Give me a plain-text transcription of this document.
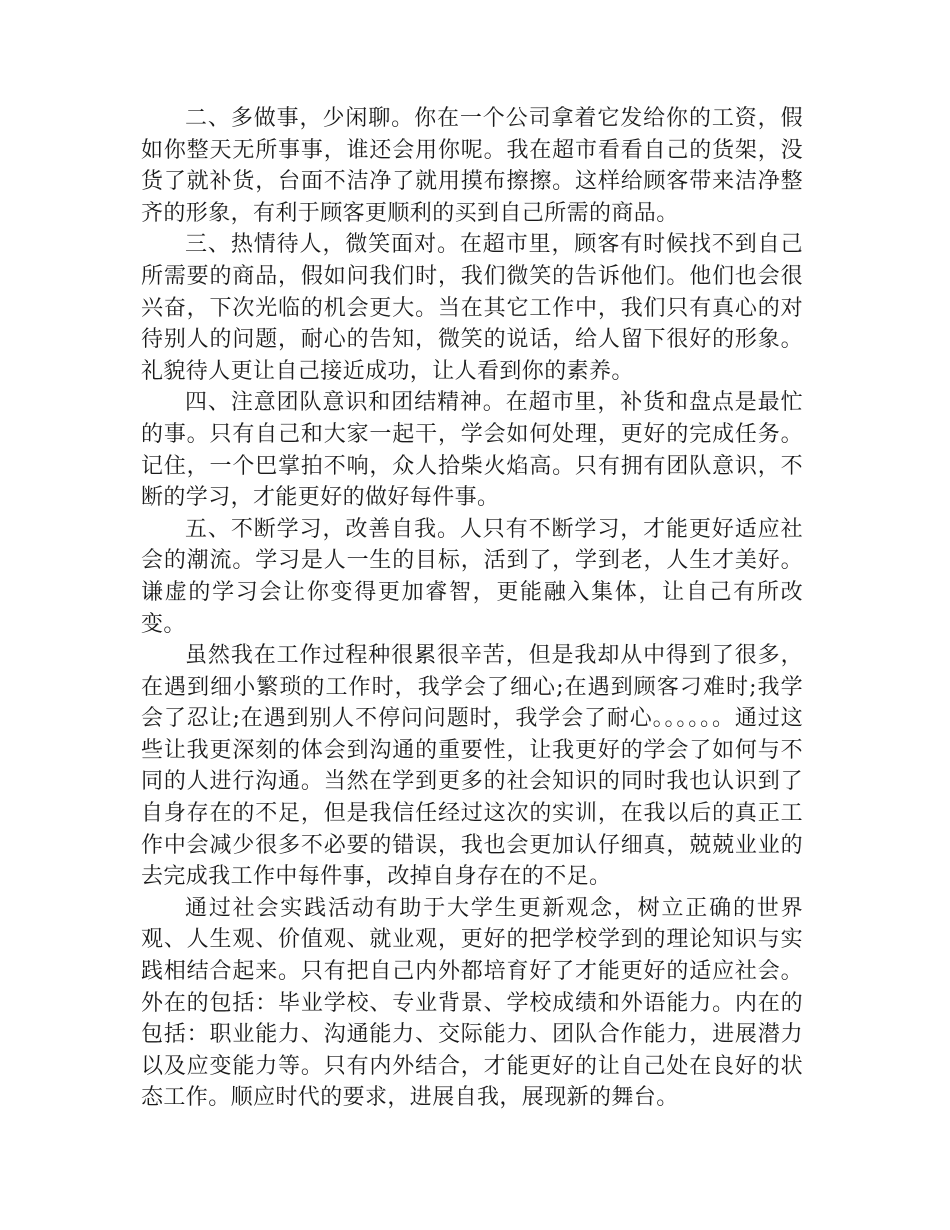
二、多做事，少闲聊。你在一个公司拿着它发给你的工资，假如你整天无所事事，谁还会用你呢。我在超市看看自己的货架，没货了就补货，台面不洁净了就用摸布擦擦。这样给顾客带来洁净整齐的形象，有利于顾客更顺利的买到自己所需的商品。

三、热情待人，微笑面对。在超市里，顾客有时候找不到自己所需要的商品，假如问我们时，我们微笑的告诉他们。他们也会很兴奋，下次光临的机会更大。当在其它工作中，我们只有真心的对待别人的问题，耐心的告知，微笑的说话，给人留下很好的形象。礼貌待人更让自己接近成功，让人看到你的素养。

四、注意团队意识和团结精神。在超市里，补货和盘点是最忙的事。只有自己和大家一起干，学会如何处理，更好的完成任务。记住，一个巴掌拍不响，众人拾柴火焰高。只有拥有团队意识，不断的学习，才能更好的做好每件事。

五、不断学习，改善自我。人只有不断学习，才能更好适应社会的潮流。学习是人一生的目标，活到了，学到老，人生才美好。谦虚的学习会让你变得更加睿智，更能融入集体，让自己有所改变。

虽然我在工作过程种很累很辛苦，但是我却从中得到了很多，在遇到细小繁琐的工作时，我学会了细心;在遇到顾客刁难时;我学会了忍让;在遇到别人不停问问题时，我学会了耐心。。。。。。通过这些让我更深刻的体会到沟通的重要性，让我更好的学会了如何与不同的人进行沟通。当然在学到更多的社会知识的同时我也认识到了自身存在的不足，但是我信任经过这次的实训，在我以后的真正工作中会减少很多不必要的错误，我也会更加认仔细真，兢兢业业的去完成我工作中每件事，改掉自身存在的不足。

通过社会实践活动有助于大学生更新观念，树立正确的世界观、人生观、价值观、就业观，更好的把学校学到的理论知识与实践相结合起来。只有把自己内外都培育好了才能更好的适应社会。外在的包括：毕业学校、专业背景、学校成绩和外语能力。内在的包括：职业能力、沟通能力、交际能力、团队合作能力，进展潜力以及应变能力等。只有内外结合，才能更好的让自己处在良好的状态工作。顺应时代的要求，进展自我，展现新的舞台。
